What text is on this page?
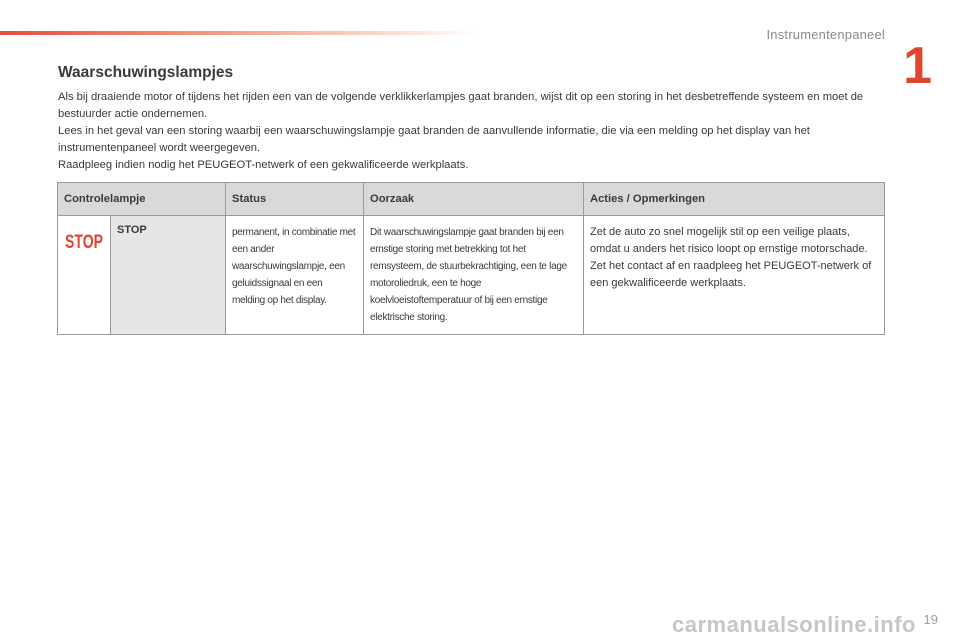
Instrumentenpaneel
1
Waarschuwingslampjes

Als bij draaiende motor of tijdens het rijden een van de volgende verklikkerlampjes gaat branden, wijst dit op een storing in het desbetreffende systeem en moet de bestuurder actie ondernemen.

Lees in het geval van een storing waarbij een waarschuwingslampje gaat branden de aanvullende informatie, die via een melding op het display van het instrumentenpaneel wordt weergegeven.

Raadpleeg indien nodig het PEUGEOT-netwerk of een gekwalificeerde werkplaats.

Controlelampje		Status	Oorzaak	Acties / Opmerkingen

STOP	STOP	permanent, in combinatie met een ander waarschuwingslampje, een geluidssignaal en een melding op het display.	Dit waarschuwingslampje gaat branden bij een ernstige storing met betrekking tot het remsysteem, de stuurbekrachtiging, een te lage motoroliedruk, een te hoge koelvloeistoftemperatuur of bij een ernstige elektrische storing.	Zet de auto zo snel mogelijk stil op een veilige plaats, omdat u anders het risico loopt op ernstige motorschade.
Zet het contact af en raadpleeg het PEUGEOT-netwerk of een gekwalificeerde werkplaats.
carmanualsonline.info 19
